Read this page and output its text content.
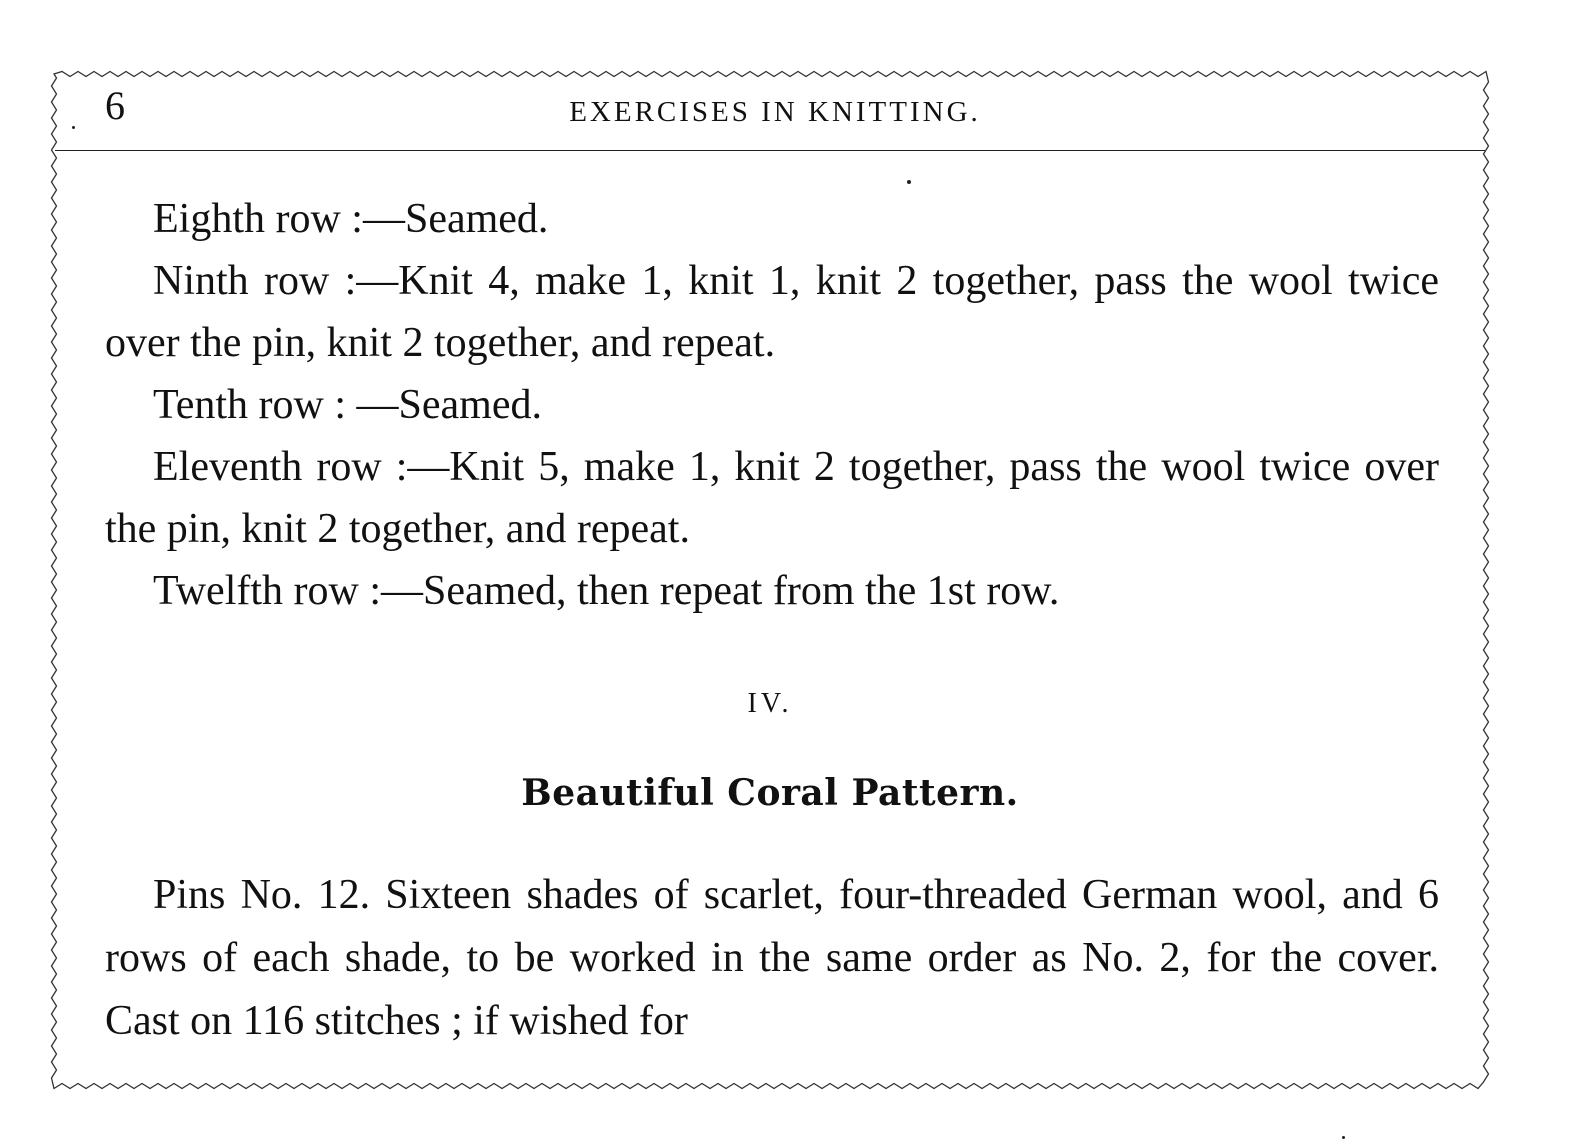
6	EXERCISES IN KNITTING.

Eighth row :—Seamed.

Ninth row :—Knit 4, make 1, knit 1, knit 2 together, pass the wool twice over the pin, knit 2 together, and repeat.

Tenth row : —Seamed.

Eleventh row :—Knit 5, make 1, knit 2 together, pass the wool twice over the pin, knit 2 together, and repeat.

Twelfth row :—Seamed, then repeat from the 1st row.

IV.
Beautiful Coral Pattern.

Pins No. 12. Sixteen shades of scarlet, four-threaded German wool, and 6 rows of each shade, to be worked in the same order as No. 2, for the cover. Cast on 116 stitches ; if wished for
